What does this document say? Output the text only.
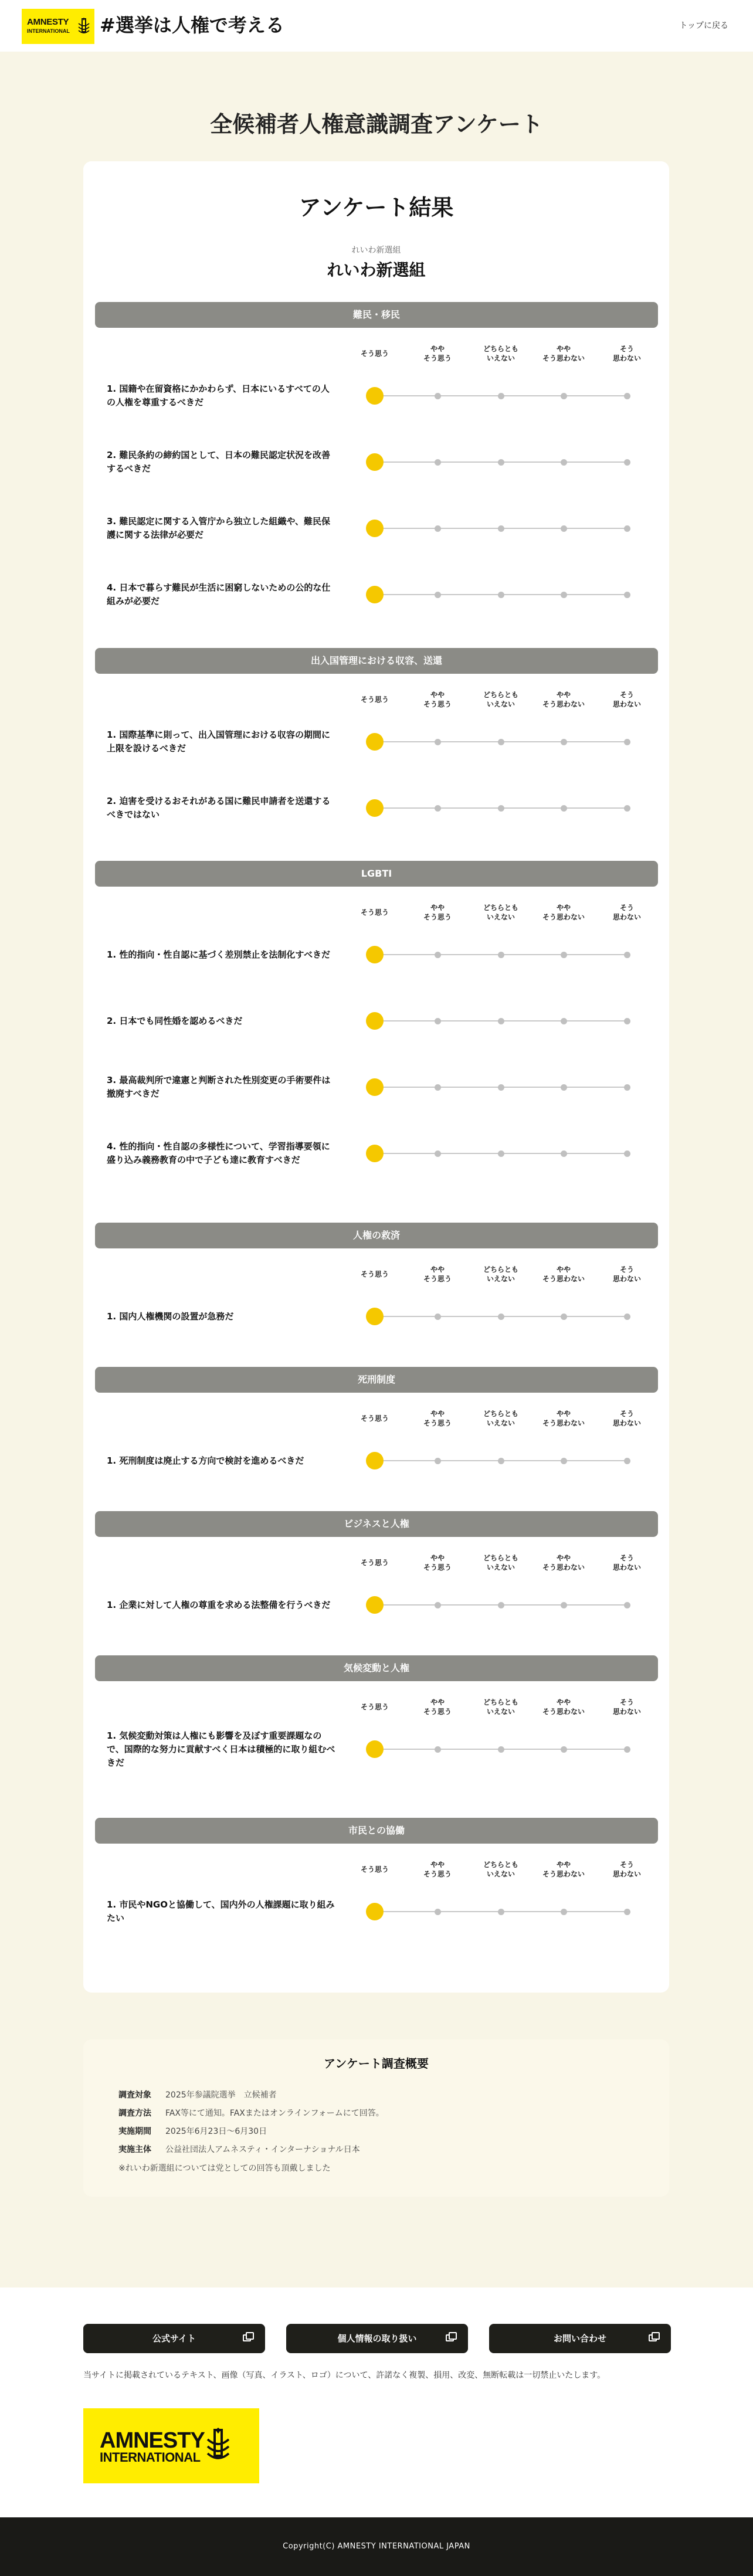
AMNESTY
INTERNATIONAL #選挙は人権で考える	トップに戻る
全候補者人権意識調査アンケート
アンケート結果
れいわ新選組
れいわ新選組
難民・移民
そう思う
やや
そう思う
どちらとも
いえない
やや
そう思わない
そう
思わない
1. 国籍や在留資格にかかわらず、日本にいるすべての人の人権を尊重するべきだ
2. 難民条約の締約国として、日本の難民認定状況を改善するべきだ
3. 難民認定に関する入管庁から独立した組織や、難民保護に関する法律が必要だ
4. 日本で暮らす難民が生活に困窮しないための公的な仕組みが必要だ
出入国管理における収容、送還
そう思う
やや
そう思う
どちらとも
いえない
やや
そう思わない
そう
思わない
1. 国際基準に則って、出入国管理における収容の期間に上限を設けるべきだ
2. 迫害を受けるおそれがある国に難民申請者を送還するべきではない
LGBTI
そう思う
やや
そう思う
どちらとも
いえない
やや
そう思わない
そう
思わない
1. 性的指向・性自認に基づく差別禁止を法制化すべきだ
2. 日本でも同性婚を認めるべきだ
3. 最高裁判所で違憲と判断された性別変更の手術要件は撤廃すべきだ
4. 性的指向・性自認の多様性について、学習指導要領に盛り込み義務教育の中で子ども達に教育すべきだ
人権の救済
そう思う
やや
そう思う
どちらとも
いえない
やや
そう思わない
そう
思わない
1. 国内人権機関の設置が急務だ
死刑制度
そう思う
やや
そう思う
どちらとも
いえない
やや
そう思わない
そう
思わない
1. 死刑制度は廃止する方向で検討を進めるべきだ
ビジネスと人権
そう思う
やや
そう思う
どちらとも
いえない
やや
そう思わない
そう
思わない
1. 企業に対して人権の尊重を求める法整備を行うべきだ
気候変動と人権
そう思う
やや
そう思う
どちらとも
いえない
やや
そう思わない
そう
思わない
1. 気候変動対策は人権にも影響を及ぼす重要課題なので、国際的な努力に貢献すべく日本は積極的に取り組むべきだ
市民との協働
そう思う
やや
そう思う
どちらとも
いえない
やや
そう思わない
そう
思わない
1. 市民やNGOと協働して、国内外の人権課題に取り組みたい
アンケート調査概要
調査対象 2025年参議院選挙　立候補者
調査方法 FAX等にて通知。FAXまたはオンラインフォームにて回答。
実施期間 2025年6月23日〜6月30日
実施主体 公益社団法人アムネスティ・インターナショナル日本
※れいわ新選組については党としての回答も頂戴しました
公式サイト	個人情報の取り扱い	お問い合わせ
当サイトに掲載されているテキスト、画像（写真、イラスト、ロゴ）について、許諾なく複製、損用、改変、無断転載は一切禁止いたします。
AMNESTY
INTERNATIONAL
Copyright(C) AMNESTY INTERNATIONAL JAPAN
